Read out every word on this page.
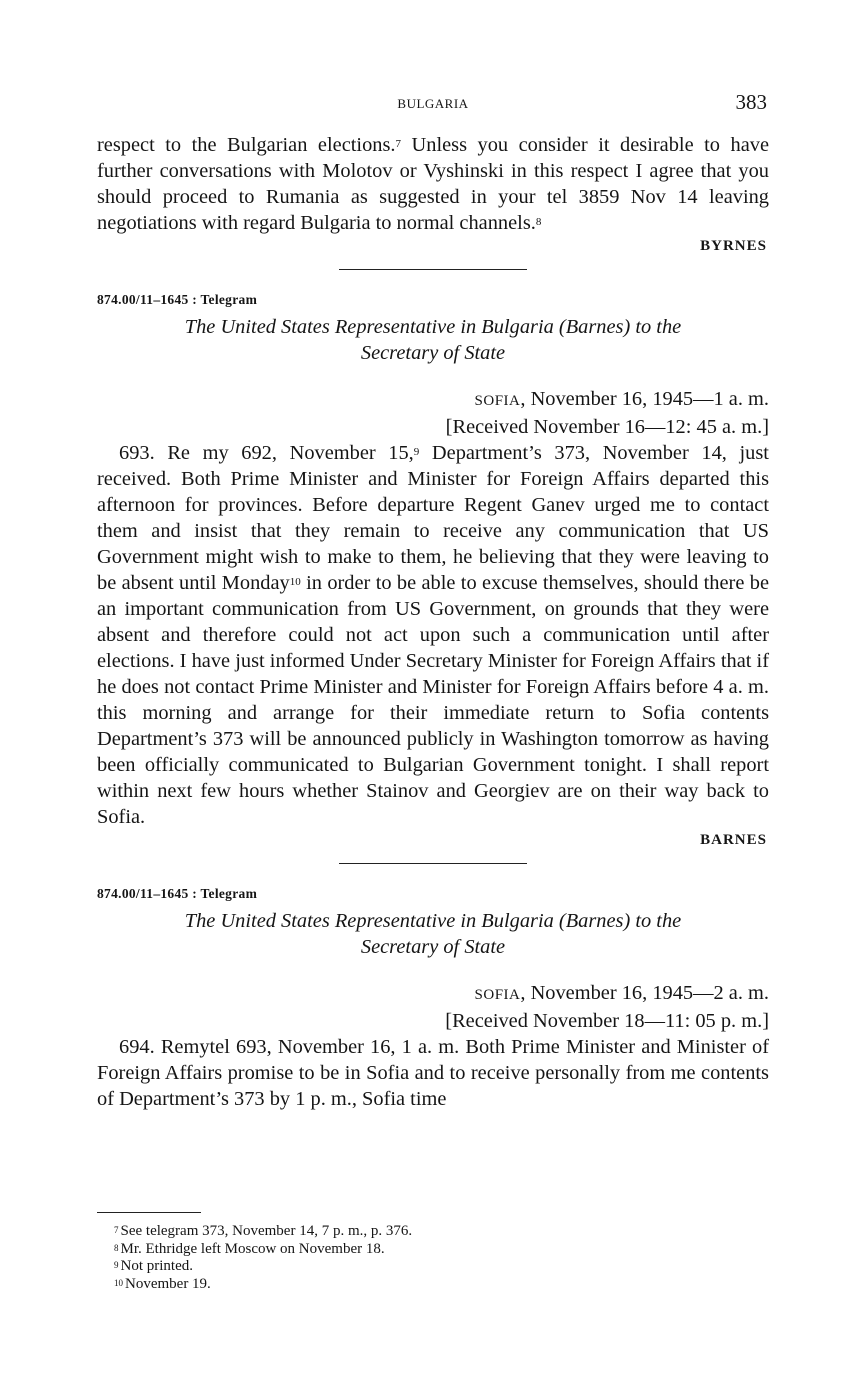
BULGARIA	383

respect to the Bulgarian elections.$^7$ Unless you consider it desirable to have further conversations with Molotov or Vyshinski in this respect I agree that you should proceed to Rumania as suggested in your tel 3859 Nov 14 leaving negotiations with regard Bulgaria to normal channels.$^8$

BYRNES
874.00/11–1645 : Telegram

The United States Representative in Bulgaria (Barnes) to the

Secretary of State

SOFIA, November 16, 1945—1 a. m.

[Received November 16—12: 45 a. m.]

693. Re my 692, November 15,$^9$ Department’s 373, November 14, just received. Both Prime Minister and Minister for Foreign Affairs departed this afternoon for provinces. Before departure Regent Ganev urged me to contact them and insist that they remain to receive any communication that US Government might wish to make to them, he believing that they were leaving to be absent until Monday$^{10}$ in order to be able to excuse themselves, should there be an important communication from US Government, on grounds that they were absent and therefore could not act upon such a communication until after elections. I have just informed Under Secretary Minister for Foreign Affairs that if he does not contact Prime Minister and Minister for Foreign Affairs before 4 a. m. this morning and arrange for their immediate return to Sofia contents Department’s 373 will be announced publicly in Washington tomorrow as having been officially communicated to Bulgarian Government tonight. I shall report within next few hours whether Stainov and Georgiev are on their way back to Sofia.

BARNES
874.00/11–1645 : Telegram

The United States Representative in Bulgaria (Barnes) to the

Secretary of State

SOFIA, November 16, 1945—2 a. m.

[Received November 18—11: 05 p. m.]

694. Remytel 693, November 16, 1 a. m. Both Prime Minister and Minister of Foreign Affairs promise to be in Sofia and to receive personally from me contents of Department’s 373 by 1 p. m., Sofia time

$^7$ See telegram 373, November 14, 7 p. m., p. 376.
$^8$ Mr. Ethridge left Moscow on November 18.
$^9$ Not printed.
$^{10}$ November 19.
